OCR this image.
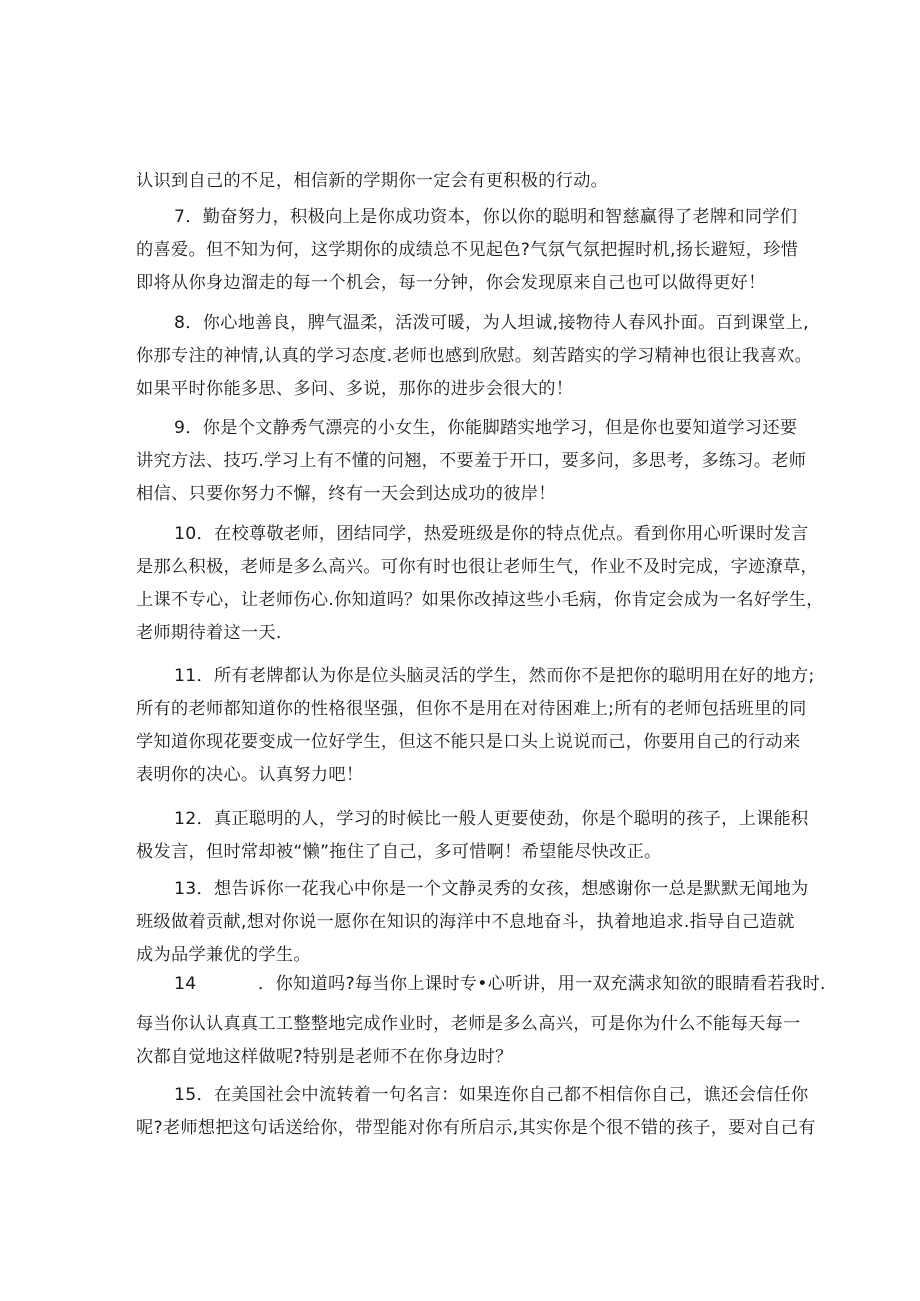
认识到自己的不足，相信新的学期你一定会有更积极的行动。
7．勤奋努力，积极向上是你成功资本，你以你的聪明和智慈赢得了老牌和同学们
的喜爱。但不知为何，这学期你的成绩总不见起色?气氛气氛把握时机,扬长避短，珍惜
即将从你身边溜走的每一个机会，每一分钟，你会发现原来自己也可以做得更好！
8．你心地善良，脾气温柔，活泼可暖，为人坦诚,接物待人春风扑面。百到课堂上,
你那专注的神情,认真的学习态度.老师也感到欣慰。刻苦踏实的学习精神也很让我喜欢。
如果平时你能多思、多问、多说，那你的进步会很大的！
9．你是个文静秀气漂亮的小女生，你能脚踏实地学习，但是你也要知道学习还要
讲究方法、技巧.学习上有不懂的问翘，不要羞于开口，要多问，多思考，多练习。老师
相信、只要你努力不懈，终有一天会到达成功的彼岸！
10．在校尊敬老师，团结同学，热爱班级是你的特点优点。看到你用心听课时发言
是那么积极，老师是多么高兴。可你有时也很让老师生气，作业不及时完成，字迹潦草，
上课不专心，让老师伤心.你知道吗？如果你改掉这些小毛病，你肯定会成为一名好学生，
老师期待着这一天.
11．所有老牌都认为你是位头脑灵活的学生，然而你不是把你的聪明用在好的地方;
所有的老师都知道你的性格很坚强，但你不是用在对待困难上;所有的老师包括班里的同
学知道你现花要变成一位好学生，但这不能只是口头上说说而己，你要用自己的行动来
表明你的决心。认真努力吧！
12．真正聪明的人，学习的时候比一般人更要使劲，你是个聪明的孩子，上课能积
极发言，但时常却被“懒”拖住了自己，多可惜啊！希望能尽快改正。
13．想告诉你一花我心中你是一个文静灵秀的女孩，想感谢你一总是默默无闻地为
班级做着贡献,想对你说一愿你在知识的海洋中不息地奋斗，执着地追求.指导自己造就
成为品学兼优的学生。
14	．你知道吗?每当你上课时专•心听讲，用一双充满求知欲的眼睛看若我时.
每当你认认真真工工整整地完成作业时，老师是多么高兴，可是你为什么不能每天每一
次都自觉地这样做呢?特别是老师不在你身边时？
15．在美国社会中流转着一句名言：如果连你自己都不相信你自己，谯还会信任你
呢?老师想把这句话送给你，带型能对你有所启示,其实你是个很不错的孩子，要对自己有
